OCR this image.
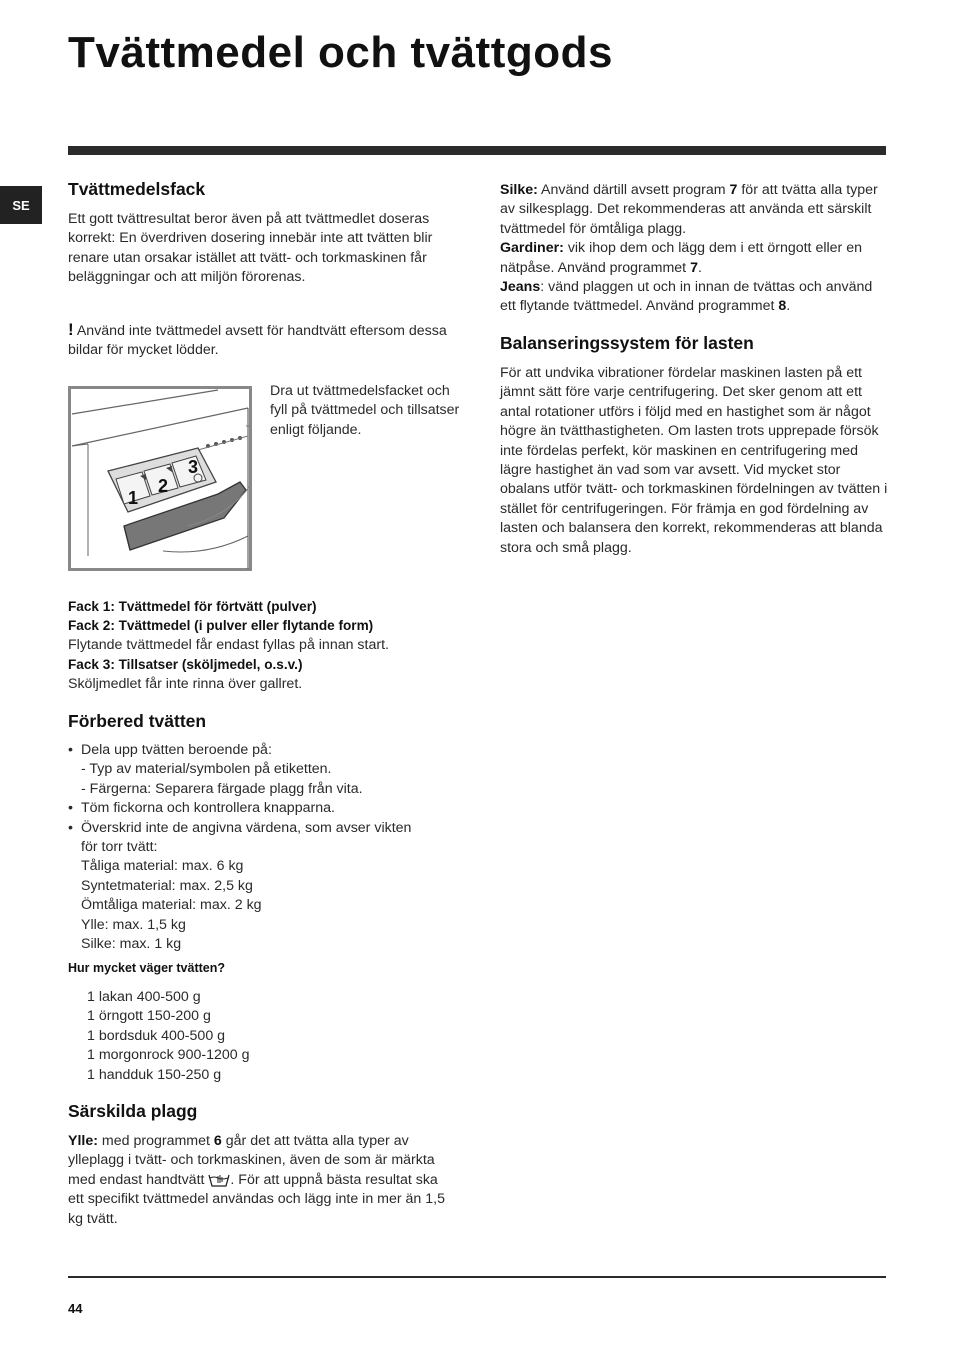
Tvättmedel och tvättgods
SE
Tvättmedelsfack

Ett gott tvättresultat beror även på att tvättmedlet doseras korrekt: En överdriven dosering innebär inte att tvätten blir renare utan orsakar istället att tvätt- och torkmaskinen får beläggningar och att miljön förorenas.

! Använd inte tvättmedel avsett för handtvätt eftersom dessa bildar för mycket lödder.

1
2
3
Dra ut tvättmedelsfacket och fyll på tvättmedel och tillsatser enligt följande.
Fack 1: Tvättmedel för förtvätt (pulver)
Fack 2: Tvättmedel (i pulver eller flytande form)
Flytande tvättmedel får endast fyllas på innan start.
Fack 3: Tillsatser (sköljmedel, o.s.v.)
Sköljmedlet får inte rinna över gallret.
Förbered tvätten
• Dela upp tvätten beroende på:
- Typ av material/symbolen på etiketten.
- Färgerna: Separera färgade plagg från vita.
• Töm fickorna och kontrollera knapparna.
• Överskrid inte de angivna värdena, som avser vikten för torr tvätt:
Tåliga material: max. 6 kg
Syntetmaterial: max. 2,5 kg
Ömtåliga material: max. 2 kg
Ylle: max. 1,5 kg
Silke: max. 1 kg
Hur mycket väger tvätten?
1 lakan 400-500 g
1 örngott 150-200 g
1 bordsduk 400-500 g
1 morgonrock 900-1200 g
1 handduk 150-250 g
Särskilda plagg

Ylle: med programmet 6 går det att tvätta alla typer av ylleplagg i tvätt- och torkmaskinen, även de som är märkta med endast handtvätt . För att uppnå bästa resultat ska ett specifikt tvättmedel användas och lägg inte in mer än 1,5 kg tvätt.

Silke: Använd därtill avsett program 7 för att tvätta alla typer av silkesplagg. Det rekommenderas att använda ett särskilt tvättmedel för ömtåliga plagg.
Gardiner: vik ihop dem och lägg dem i ett örngott eller en nätpåse. Använd programmet 7.
Jeans: vänd plaggen ut och in innan de tvättas och använd ett flytande tvättmedel. Använd programmet 8.

Balanseringssystem för lasten

För att undvika vibrationer fördelar maskinen lasten på ett jämnt sätt före varje centrifugering. Det sker genom att ett antal rotationer utförs i följd med en hastighet som är något högre än tvätthastigheten. Om lasten trots upprepade försök inte fördelas perfekt, kör maskinen en centrifugering med lägre hastighet än vad som var avsett. Vid mycket stor obalans utför tvätt- och torkmaskinen fördelningen av tvätten i stället för centrifugeringen. För främja en god fördelning av lasten och balansera den korrekt, rekommenderas att blanda stora och små plagg.

44
